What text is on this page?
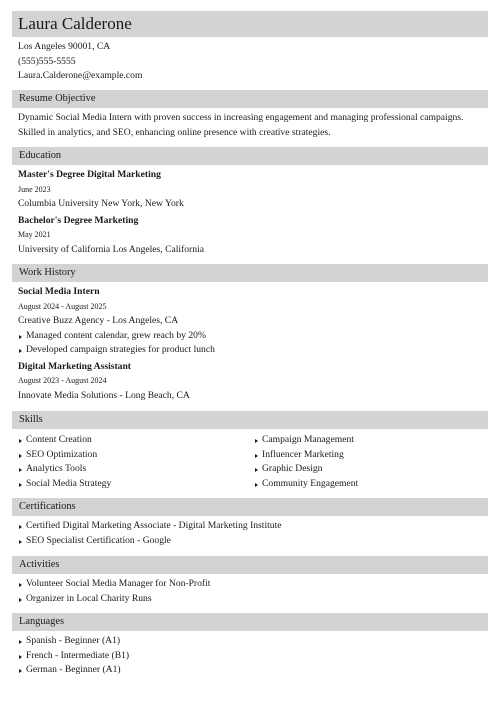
Laura Calderone
Los Angeles 90001, CA
(555)555-5555
Laura.Calderone@example.com
Resume Objective
Dynamic Social Media Intern with proven success in increasing engagement and managing professional campaigns. Skilled in analytics, and SEO, enhancing online presence with creative strategies.
Education
Master's Degree Digital Marketing
June 2023
Columbia University New York, New York
Bachelor's Degree Marketing
May 2021
University of California Los Angeles, California
Work History
Social Media Intern
August 2024 - August 2025
Creative Buzz Agency - Los Angeles, CA
Managed content calendar, grew reach by 20%
Developed campaign strategies for product lunch
Digital Marketing Assistant
August 2023 - August 2024
Innovate Media Solutions - Long Beach, CA
Skills
Content Creation
SEO Optimization
Analytics Tools
Social Media Strategy
Campaign Management
Influencer Marketing
Graphic Design
Community Engagement
Certifications
Certified Digital Marketing Associate - Digital Marketing Institute
SEO Specialist Certification - Google
Activities
Volunteer Social Media Manager for Non-Profit
Organizer in Local Charity Runs
Languages
Spanish - Beginner (A1)
French - Intermediate (B1)
German - Beginner (A1)
